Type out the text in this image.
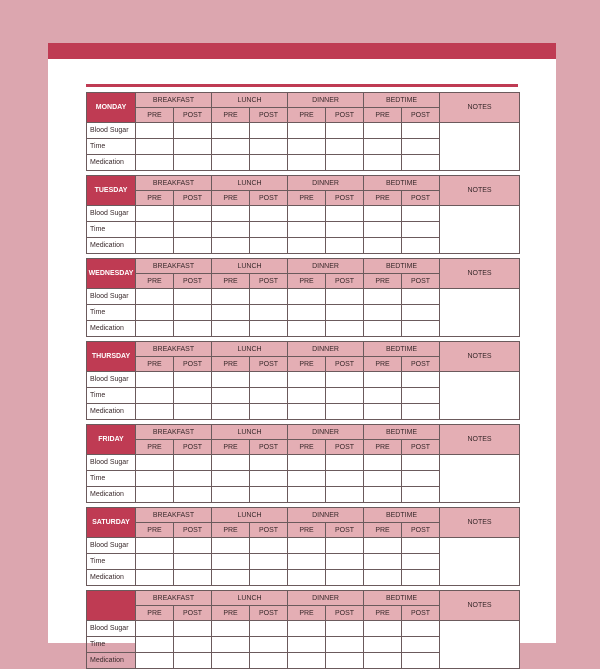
MONDAY	BREAKFAST		LUNCH		DINNER		BEDTIME		NOTES
	PRE	POST	PRE	POST	PRE	POST	PRE	POST	
Blood Sugar									
Time									
Medication									
TUESDAY	BREAKFAST		LUNCH		DINNER		BEDTIME		NOTES
	PRE	POST	PRE	POST	PRE	POST	PRE	POST	
Blood Sugar									
Time									
Medication									
WEDNESDAY	BREAKFAST		LUNCH		DINNER		BEDTIME		NOTES
	PRE	POST	PRE	POST	PRE	POST	PRE	POST	
Blood Sugar									
Time									
Medication									
THURSDAY	BREAKFAST		LUNCH		DINNER		BEDTIME		NOTES
	PRE	POST	PRE	POST	PRE	POST	PRE	POST	
Blood Sugar									
Time									
Medication									
FRIDAY	BREAKFAST		LUNCH		DINNER		BEDTIME		NOTES
	PRE	POST	PRE	POST	PRE	POST	PRE	POST	
Blood Sugar									
Time									
Medication									
SATURDAY	BREAKFAST		LUNCH		DINNER		BEDTIME		NOTES
	PRE	POST	PRE	POST	PRE	POST	PRE	POST	
Blood Sugar									
Time									
Medication									
	BREAKFAST		LUNCH		DINNER		BEDTIME		NOTES
	PRE	POST	PRE	POST	PRE	POST	PRE	POST	
Blood Sugar									
Time									
Medication									
